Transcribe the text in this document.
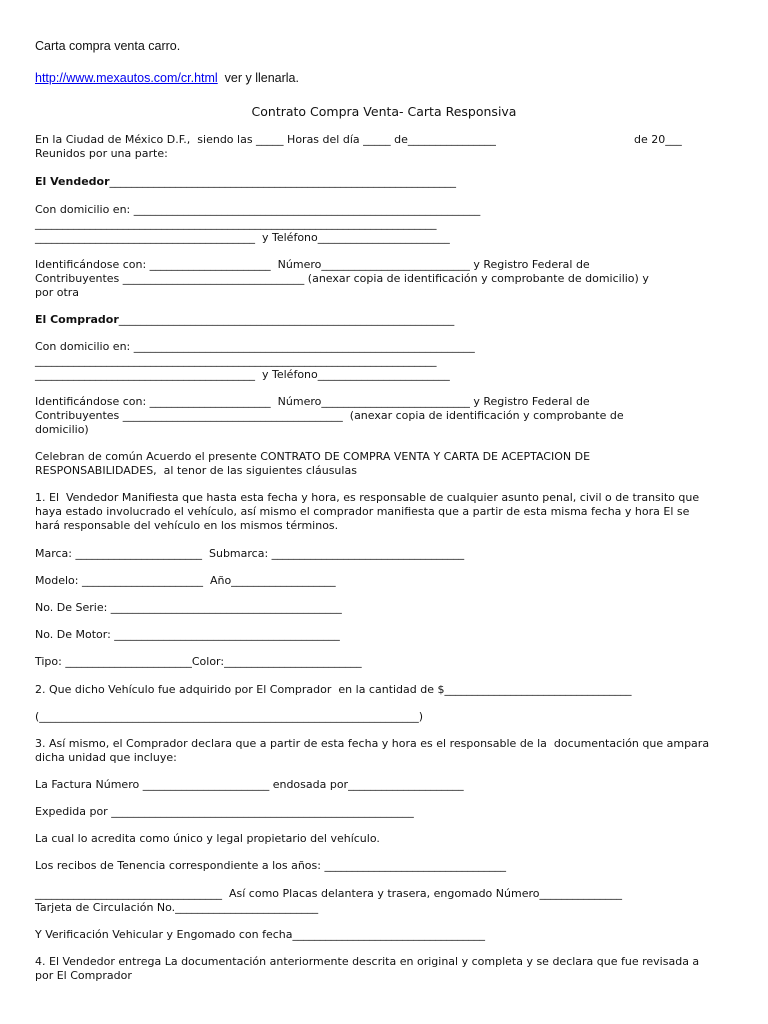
Carta compra venta carro.
http://www.mexautos.com/cr.html  ver y llenarla.
Contrato Compra Venta- Carta Responsiva
En la Ciudad de México D.F.,  siendo las _____ Horas del día _____ de________________	de 20___
Reunidos por una parte:
El Vendedor_______________________________________________________________
Con domicilio en: _______________________________________________________________
_________________________________________________________________________
________________________________________  y Teléfono________________________
Identificándose con: ______________________  Número___________________________ y Registro Federal de
Contribuyentes _________________________________ (anexar copia de identificación y comprobante de domicilio) y
por otra
El Comprador_____________________________________________________________
Con domicilio en: ______________________________________________________________
_________________________________________________________________________
________________________________________  y Teléfono________________________
Identificándose con: ______________________  Número___________________________ y Registro Federal de
Contribuyentes ________________________________________  (anexar copia de identificación y comprobante de
domicilio)
Celebran de común Acuerdo el presente CONTRATO DE COMPRA VENTA Y CARTA DE ACEPTACION DE
RESPONSABILIDADES,  al tenor de las siguientes cláusulas
1. El  Vendedor Manifiesta que hasta esta fecha y hora, es responsable de cualquier asunto penal, civil o de transito que
haya estado involucrado el vehículo, así mismo el comprador manifiesta que a partir de esta misma fecha y hora El se
hará responsable del vehículo en los mismos términos.
Marca: _______________________  Submarca: ___________________________________
Modelo: ______________________  Año___________________
No. De Serie: __________________________________________
No. De Motor: _________________________________________
Tipo: _______________________Color:_________________________
2. Que dicho Vehículo fue adquirido por El Comprador  en la cantidad de $__________________________________
(_____________________________________________________________________)
3. Así mismo, el Comprador declara que a partir de esta fecha y hora es el responsable de la  documentación que ampara
dicha unidad que incluye:
La Factura Número _______________________ endosada por_____________________
Expedida por _______________________________________________________
La cual lo acredita como único y legal propietario del vehículo.
Los recibos de Tenencia correspondiente a los años: _________________________________
__________________________________  Así como Placas delantera y trasera, engomado Número_______________
Tarjeta de Circulación No.__________________________
Y Verificación Vehicular y Engomado con fecha___________________________________
4. El Vendedor entrega La documentación anteriormente descrita en original y completa y se declara que fue revisada a
por El Comprador
